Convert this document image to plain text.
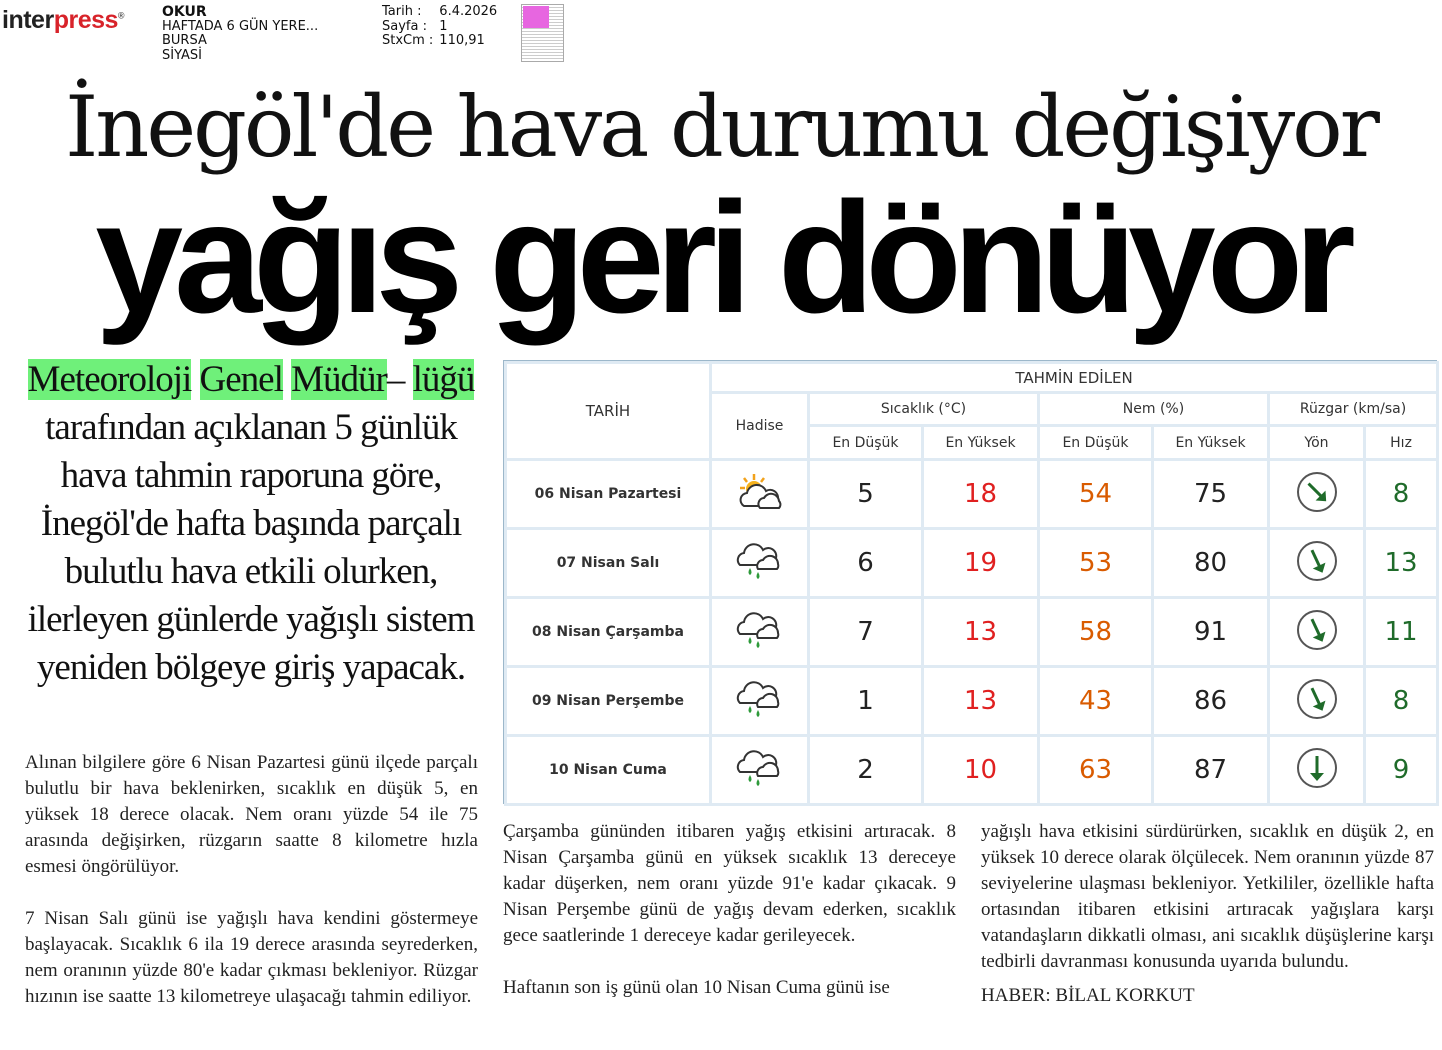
interpress®	OKUR
HAFTADA 6 GÜN YERE...
BURSA
SİYASİ
Tarih :	6.4.2026
Sayfa :	1
StxCm :	110,91
İnegöl'de hava durumu değişiyor
yağış geri dönüyor
Meteoroloji Genel Müdür– lüğü tarafından açıklanan 5 günlük hava tahmin raporuna göre, İnegöl'de hafta başında parçalı bulutlu hava etkili olurken, ilerleyen günlerde yağışlı sistem yeniden bölgeye giriş yapacak.
TARİH	TAHMİN EDİLEN						
	Hadise	Sıcaklık (°C)		Nem (%)		Rüzgar (km/sa)	
		En Düşük	En Yüksek	En Düşük	En Yüksek	Yön	Hız
06 Nisan Pazartesi		5	18	54	75		8
07 Nisan Salı		6	19	53	80		13
08 Nisan Çarşamba		7	13	58	91		11
09 Nisan Perşembe		1	13	43	86		8
10 Nisan Cuma		2	10	63	87		9

Alınan bilgilere göre 6 Nisan Pazartesi günü ilçede parçalı bulutlu bir hava beklenirken, sıcaklık en düşük 5, en yüksek 18 derece olacak. Nem oranı yüzde 54 ile 75 arasında değişirken, rüzgarın saatte 8 kilometre hızla esmesi öngörülüyor.

7 Nisan Salı günü ise yağışlı hava kendini göstermeye başlayacak. Sıcaklık 6 ila 19 derece arasında seyrederken, nem oranının yüzde 80'e kadar çıkması bekleniyor. Rüzgar hızının ise saatte 13 kilometreye ulaşacağı tahmin ediliyor.

Çarşamba gününden itibaren yağış etkisini artıracak. 8 Nisan Çarşamba günü en yüksek sıcaklık 13 dereceye kadar düşerken, nem oranı yüzde 91'e kadar çıkacak. 9 Nisan Perşembe günü de yağış devam ederken, sıcaklık gece saatlerinde 1 dereceye kadar gerileyecek.

Haftanın son iş günü olan 10 Nisan Cuma günü ise

yağışlı hava etkisini sürdürürken, sıcaklık en düşük 2, en yüksek 10 derece olarak ölçülecek. Nem oranının yüzde 87 seviyelerine ulaşması bekleniyor. Yetkililer, özellikle hafta ortasından itibaren etkisini artıracak yağışlara karşı vatandaşların dikkatli olması, ani sıcaklık düşüşlerine karşı tedbirli davranması konusunda uyarıda bulundu.

HABER: BİLAL KORKUT
